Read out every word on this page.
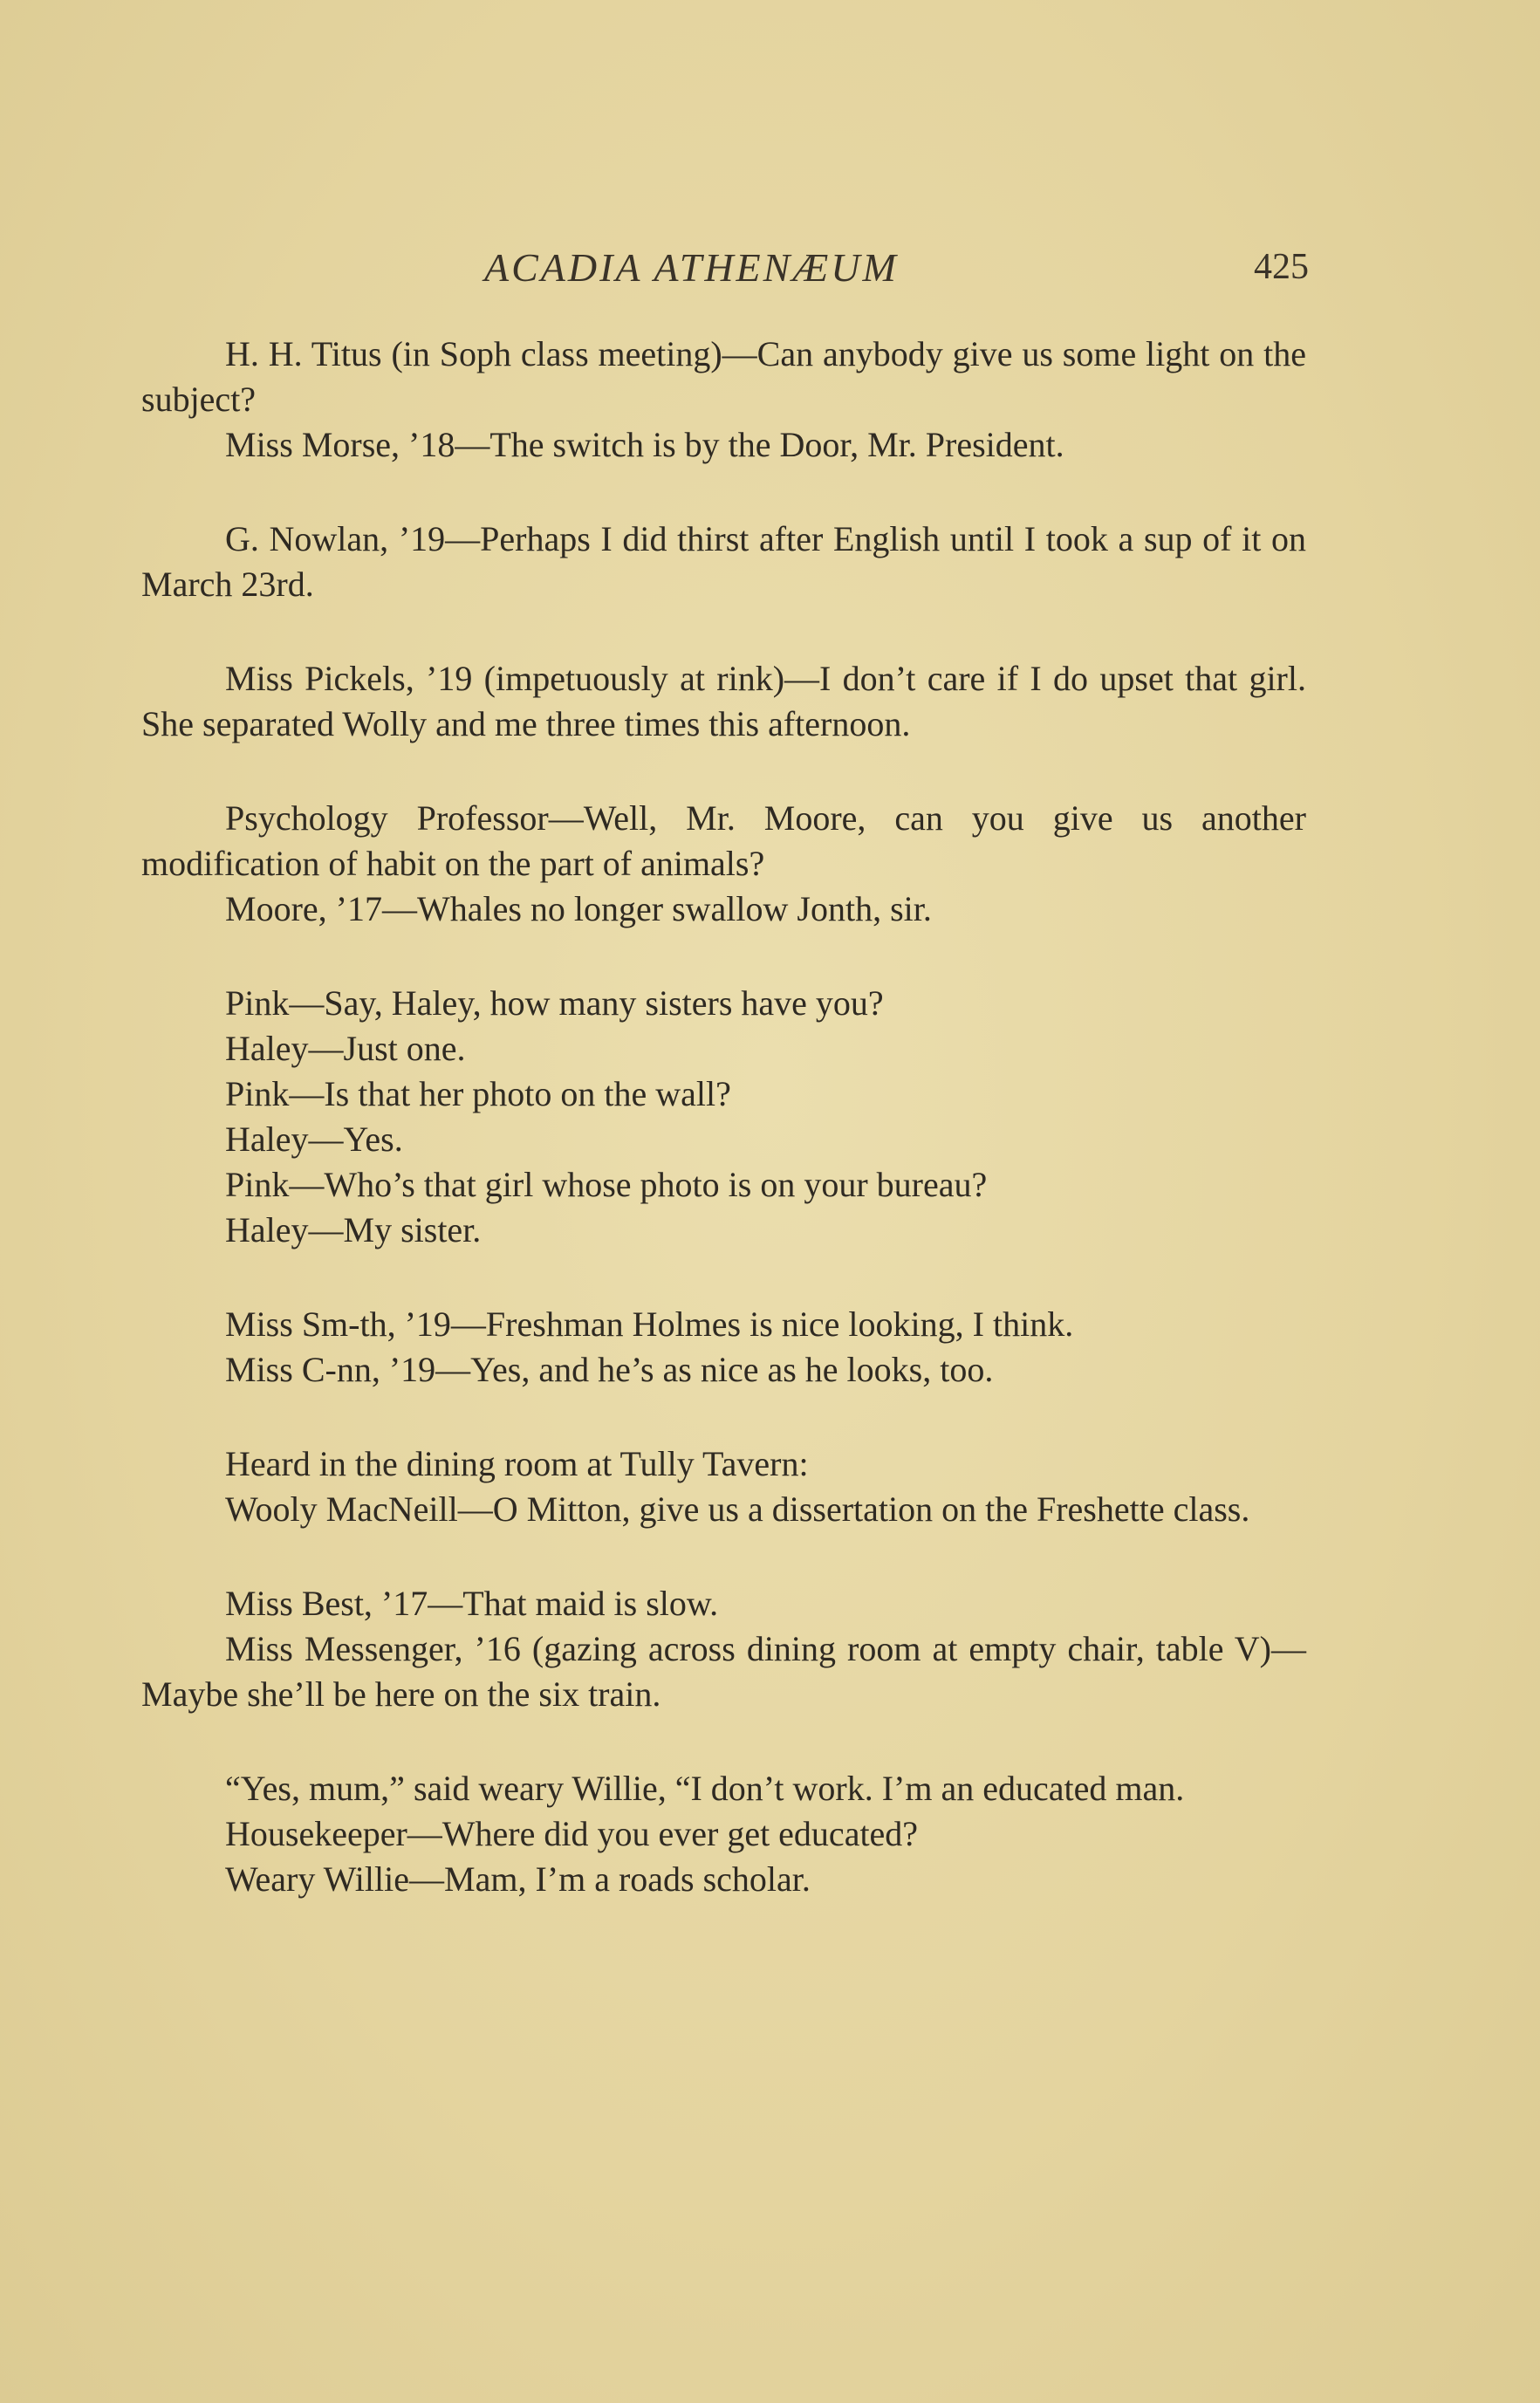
ACADIA ATHENÆUM	425

H. H. Titus (in Soph class meeting)—Can anybody give us some light on the subject?

Miss Morse, ’18—The switch is by the Door, Mr. President.

G. Nowlan, ’19—Perhaps I did thirst after English until I took a sup of it on March 23rd.

Miss Pickels, ’19 (impetuously at rink)—I don’t care if I do upset that girl. She separated Wolly and me three times this afternoon.

Psychology Professor—Well, Mr. Moore, can you give us another modification of habit on the part of animals?

Moore, ’17—Whales no longer swallow Jonth, sir.

Pink—Say, Haley, how many sisters have you?

Haley—Just one.

Pink—Is that her photo on the wall?

Haley—Yes.

Pink—Who’s that girl whose photo is on your bureau?

Haley—My sister.

Miss Sm-th, ’19—Freshman Holmes is nice looking, I think.

Miss C-nn, ’19—Yes, and he’s as nice as he looks, too.

Heard in the dining room at Tully Tavern:

Wooly MacNeill—O Mitton, give us a dissertation on the Freshette class.

Miss Best, ’17—That maid is slow.

Miss Messenger, ’16 (gazing across dining room at empty chair, table V)—Maybe she’ll be here on the six train.

“Yes, mum,” said weary Willie, “I don’t work. I’m an educated man.

Housekeeper—Where did you ever get educated?

Weary Willie—Mam, I’m a roads scholar.
